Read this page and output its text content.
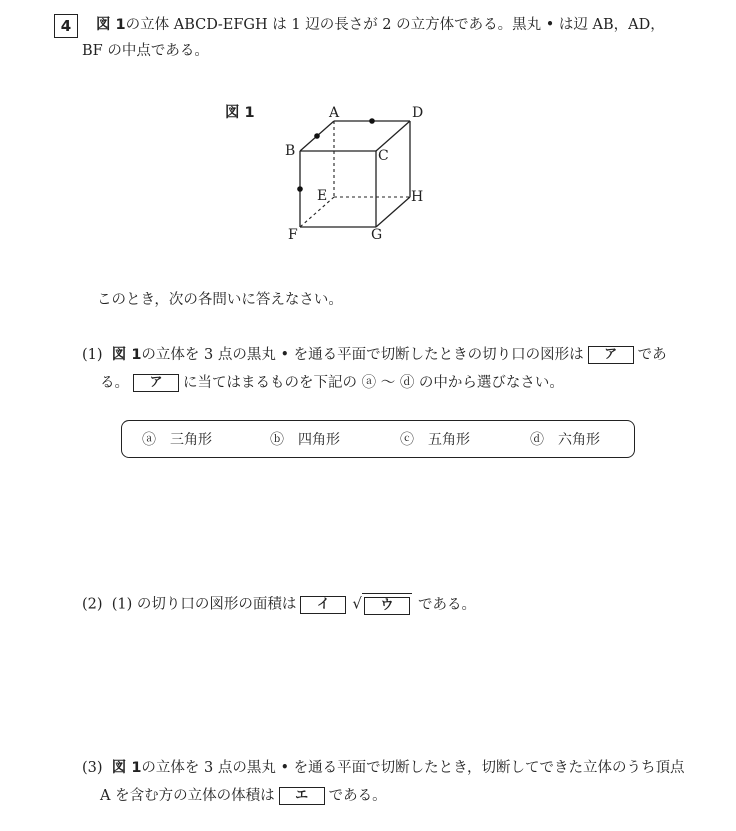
4	図 1の立体 ABCD‑EFGH は 1 辺の長さが 2 の立方体である。黒丸 • は辺 AB，AD，
BF の中点である。
図 1	A
B	C
D
E
F	G
H
このとき，次の各問いに答えなさい。
(1) 図 1の立体を 3 点の黒丸 • を通る平面で切断したときの切り口の図形は ア であ
る。 ア に当てはまるものを下記の ⓐ ～ ⓓ の中から選びなさい。
ⓐ 三角形	ⓑ 四角形	ⓒ 五角形	ⓓ 六角形
(2) (1) の切り口の図形の面積は イ √ ウ である。
(3) 図 1の立体を 3 点の黒丸 • を通る平面で切断したとき，切断してできた立体のうち頂点
A を含む方の立体の体積は エ である。
